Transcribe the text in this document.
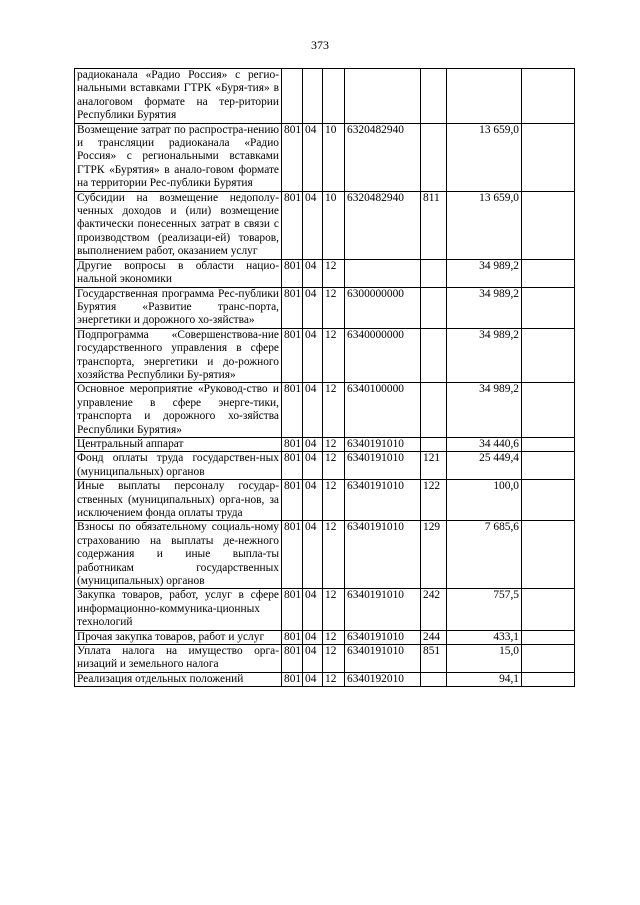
373
радиоканала «Радио Россия» с регио-нальными вставками ГТРК «Буря-тия» в аналоговом формате на тер-ритории Республики Бурятия							
Возмещение затрат по распростра-нению и трансляции радиоканала «Радио Россия» с региональными вставками ГТРК «Бурятия» в анало-говом формате на территории Рес-публики Бурятия	801	04	10	6320482940		13 659,0	
Субсидии на возмещение недополу-ченных доходов и (или) возмещение фактически понесенных затрат в связи с производством (реализаци-ей) товаров, выполнением работ, оказанием услуг	801	04	10	6320482940	811	13 659,0	
Другие вопросы в области нацио-нальной экономики	801	04	12			34 989,2	
Государственная программа Рес-публики Бурятия «Развитие транс-порта, энергетики и дорожного хо-зяйства»	801	04	12	6300000000		34 989,2	
Подпрограмма «Совершенствова-ние государственного управления в сфере транспорта, энергетики и до-рожного хозяйства Республики Бу-рятия»	801	04	12	6340000000		34 989,2	
Основное мероприятие «Руковод-ство и управление в сфере энерге-тики, транспорта и дорожного хо-зяйства Республики Бурятия»	801	04	12	6340100000		34 989,2	
Центральный аппарат	801	04	12	6340191010		34 440,6	
Фонд оплаты труда государствен-ных (муниципальных) органов	801	04	12	6340191010	121	25 449,4	
Иные выплаты персоналу государ-ственных (муниципальных) орга-нов, за исключением фонда оплаты труда	801	04	12	6340191010	122	100,0	
Взносы по обязательному социаль-ному страхованию на выплаты де-нежного содержания и иные выпла-ты работникам государственных (муниципальных) органов	801	04	12	6340191010	129	7 685,6	
Закупка товаров, работ, услуг в сфере информационно-коммуника-ционных технологий	801	04	12	6340191010	242	757,5	
Прочая закупка товаров, работ и услуг	801	04	12	6340191010	244	433,1	
Уплата налога на имущество орга-низаций и земельного налога	801	04	12	6340191010	851	15,0	
Реализация отдельных положений	801	04	12	6340192010		94,1	
